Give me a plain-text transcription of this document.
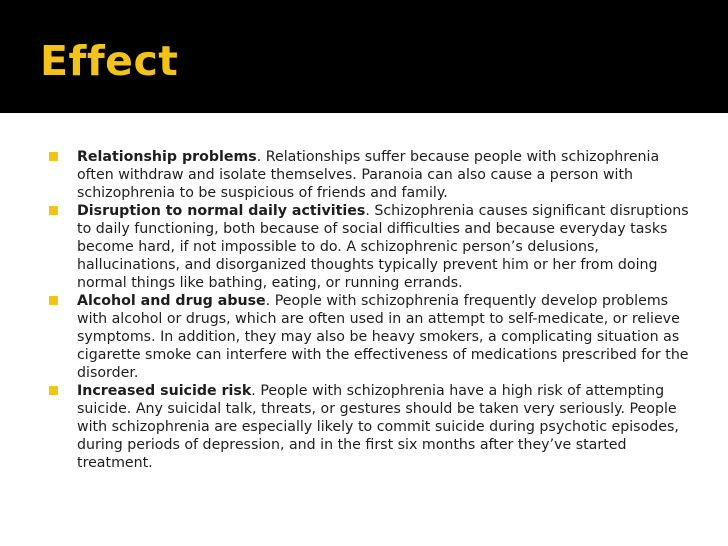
Effect

Relationship problems. Relationships suffer because people with schizophrenia often withdraw and isolate themselves. Paranoia can also cause a person with schizophrenia to be suspicious of friends and family.

Disruption to normal daily activities. Schizophrenia causes significant disruptions to daily functioning, both because of social difficulties and because everyday tasks become hard, if not impossible to do. A schizophrenic person’s delusions, hallucinations, and disorganized thoughts typically prevent him or her from doing normal things like bathing, eating, or running errands.

Alcohol and drug abuse. People with schizophrenia frequently develop problems with alcohol or drugs, which are often used in an attempt to self-medicate, or relieve symptoms. In addition, they may also be heavy smokers, a complicating situation as cigarette smoke can interfere with the effectiveness of medications prescribed for the disorder.

Increased suicide risk. People with schizophrenia have a high risk of attempting suicide. Any suicidal talk, threats, or gestures should be taken very seriously. People with schizophrenia are especially likely to commit suicide during psychotic episodes, during periods of depression, and in the first six months after they’ve started treatment.
